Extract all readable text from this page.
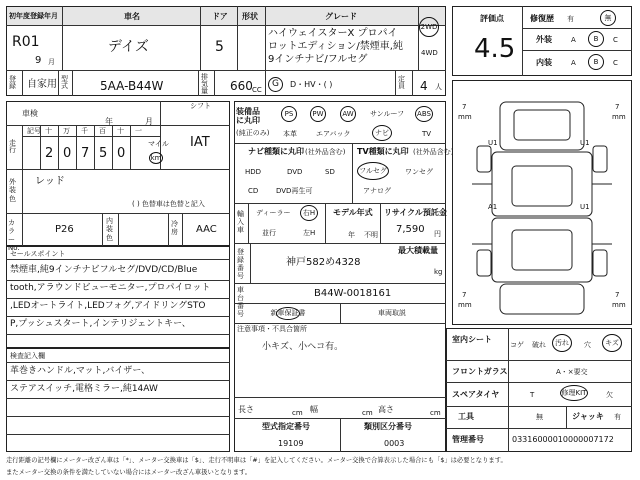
初年度登録年月	車名	ドア 形状	グレード
R01
9 月
デイズ	5
ハイウェイスターX プロパイ
ロットエディション/禁煙車,純
9インチナビ/フルセグ
2WD
4WD
登録	自家用 型式	5AA-B44W
排気量	660 CC
G D・HV・( )
定員 4 人
車検
年	月
シフト
IAT
走行
記号 十 万 千 百 十 一
2 0 7 5 0
マイル
km
外装色
レッド
( ) 色替車は色替と記入
カラーNo.
P26
内装色
冷房	AAC
セールスポイント
禁煙車,純9インチナビフルセグ/DVD/CD/Blue
tooth,アラウンドビューモニター,プロパイロット
,LEDオートライト,LEDフォグ,アイドリングSTO
P,プッシュスタート,インテリジェントキー、
検査記入欄
革巻きハンドル,マット,バイザー、
ステアスイッチ,電格ミラー,純14AW
装備品に丸印
(純正のみ)
PS	PW	AW サンルーフ ABS
本革	エアバック	ナビ	TV
ナビ種類に丸印 (社外品含む)
HDD	DVD	SD
CD	DVD再生可
TV種類に丸印 (社外品含む)
フルセグ	ワンセグ
アナログ
輸入車
ディーラー 右H
並行	左H
モデル年式
年 不明
リサイクル預託金
7,590 円
登録番号
最大積載量
神戸582め4328
kg
車台番号
B44W-0018161
新車保証書	車両取説
注意事項・不具合箇所
小キズ、小ヘコ有。
長さ	cm 幅	cm 高さ	cm
型式指定番号
19109
類別区分番号
0003
評価点
4.5
修復歴 有	無
外装	A	B C
内装	A	B C
7
mm
7
mm
7
mm
7
mm
U1	U1
A1	U1
室内シート
コゲ 破れ 汚れ 穴 キズ
フロントガラス	A・×要交
スペアタイヤ	T	修理KIT	欠
工具	無	ジャッキ 有
管理番号	03316000010000007172
走行距離の記号欄にメーター改ざん車は「*」、メーター交換車は「$」、走行不明車は「#」を記入してください。メーター交換で合算表示した場合にも「$」は必要となります。
またメーター交換の条件を満たしていない場合にはメーター改ざん車扱いとなります。
